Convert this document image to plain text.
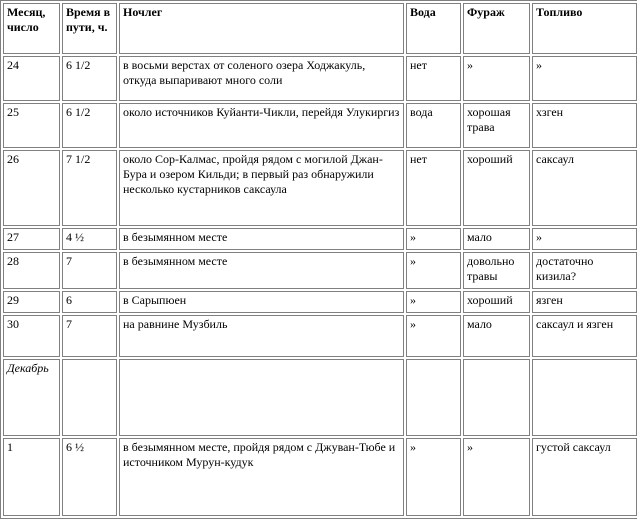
Месяц, число	Время в пути, ч.	Ночлег	Вода	Фураж	Топливо
24	6 1/2	в восьми верстах от соленого озера Ходжакуль, откуда выпаривают много соли	нет	»	»
25	6 1/2	около источников Куйанти-Чикли, перейдя Улукиргиз	вода	хорошая трава	хзген
26	7 1/2	около Сор-Калмас, пройдя рядом с могилой Джан-Бура и озером Кильди; в первый раз обнаружили несколько кустарников саксаула	нет	хороший	саксаул
27	4 ½	в безымянном месте	»	мало	»
28	7	в безымянном месте	»	довольно травы	достаточно кизила?
29	6	в Сарыпюен	»	хороший	язген
30	7	на равнине Музбиль	»	мало	саксаул и язген
Декабрь					
1	6 ½	в безымянном месте, пройдя рядом с Джуван-Тюбе и источником Мурун-кудук	»	»	густой саксаул
